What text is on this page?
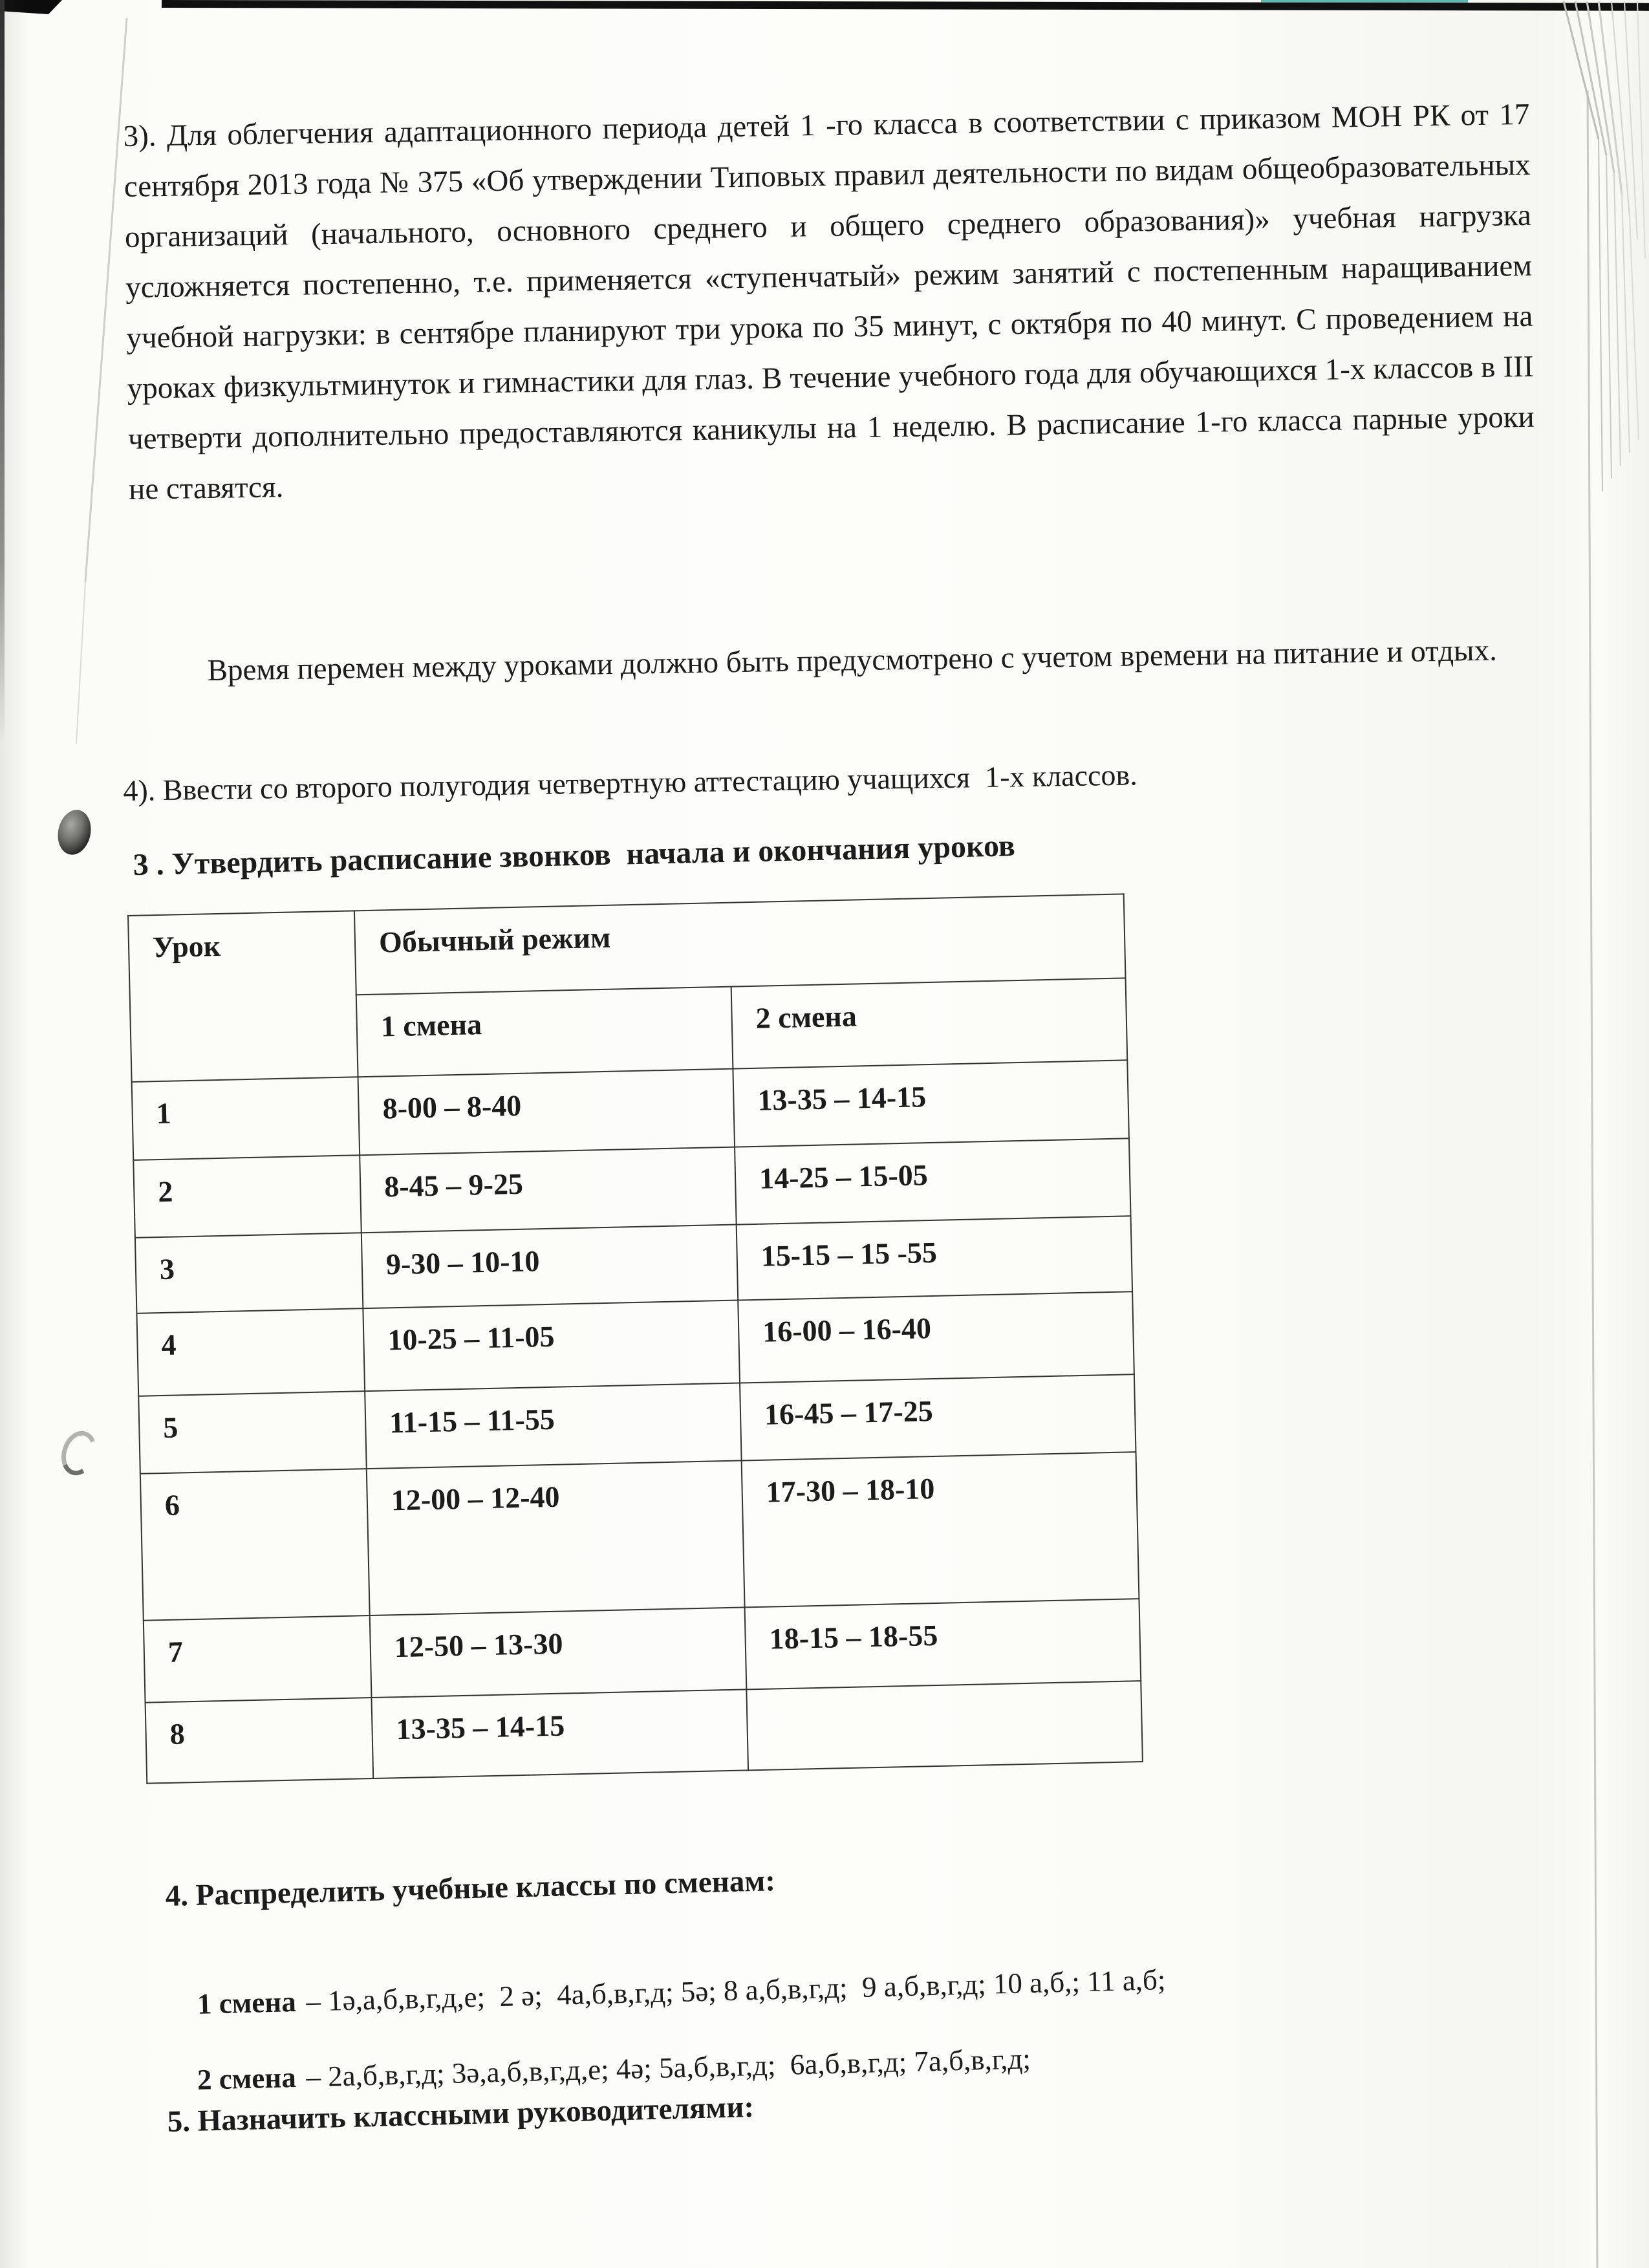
3). Для облегчения адаптационного периода детей 1 -го класса в соответствии с приказом МОН РК от 17 сентября 2013 года № 375 «Об утверждении Типовых правил деятельности по видам общеобразовательных организаций (начального, основного среднего и общего среднего образования)» учебная нагрузка усложняется постепенно, т.е. применяется «ступенчатый» режим занятий с постепенным наращиванием учебной нагрузки: в сентябре планируют три урока по 35 минут, с октября по 40 минут. С проведением на уроках физкультминуток и гимнастики для глаз. В течение учебного года для обучающихся 1-х классов в III четверти дополнительно предоставляются каникулы на 1 неделю. В расписание 1-го класса парные уроки не ставятся.
Время перемен между уроками должно быть предусмотрено с учетом времени на питание и отдых.
4). Ввести со второго полугодия четвертную аттестацию учащихся  1-х классов.
3 . Утвердить расписание звонков  начала и окончания уроков
Урок	Обычный режим	
	1 смена	2 смена
1	8-00 – 8-40	13-35 – 14-15
2	8-45 – 9-25	14-25 – 15-05
3	9-30 – 10-10	15-15 – 15 -55
4	10-25 – 11-05	16-00 – 16-40
5	11-15 – 11-55	16-45 – 17-25
6	12-00 – 12-40	17-30 – 18-10
7	12-50 – 13-30	18-15 – 18-55
8	13-35 – 14-15	
4. Распределить учебные классы по сменам:

1 смена – 1ә,а,б,в,г,д,е;  2 ә;  4а,б,в,г,д; 5ә; 8 а,б,в,г,д;  9 а,б,в,г,д; 10 а,б,; 11 а,б;

2 смена – 2а,б,в,г,д; 3ә,а,б,в,г,д,е; 4ә; 5а,б,в,г,д;  6а,б,в,г,д; 7а,б,в,г,д;

5. Назначить классными руководителями:
